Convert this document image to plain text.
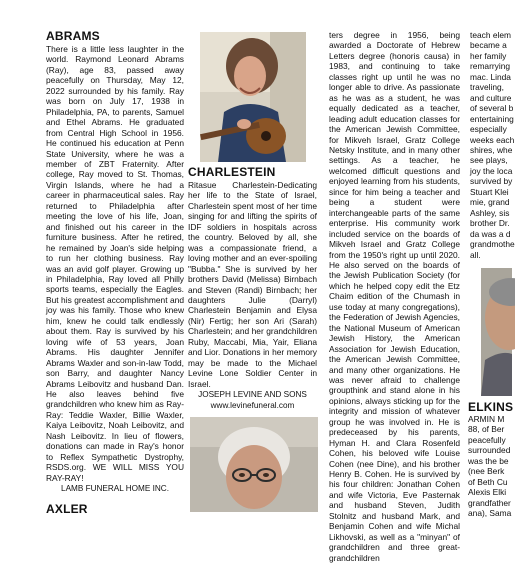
ABRAMS

There is a little less laughter in the world. Raymond Leonard Abrams (Ray), age 83, passed away peacefully on Thursday, May 12, 2022 surrounded by his family. Ray was born on July 17, 1938 in Philadelphia, PA, to parents, Samuel and Ethel Abrams. He graduated from Central High School in 1956. He continued his education at Penn State University, where he was a member of ZBT Fraternity. After college, Ray moved to St. Thomas, Virgin Islands, where he had a career in pharmaceutical sales. Ray returned to Philadelphia after meeting the love of his life, Joan, and finished out his career in the furniture business. After he retired, he remained by Joan's side helping to run her clothing business. Ray was an avid golf player. Growing up in Philadelphia, Ray loved all Philly sports teams, especially the Eagles. But his greatest accomplishment and joy was his family. Those who knew him, knew he could talk endlessly about them. Ray is survived by his loving wife of 53 years, Joan Abrams. His daughter Jennifer Abrams Waxler and son-in-law Todd, son Barry, and daughter Nancy Abrams Leibovitz and husband Dan. He also leaves behind five grandchildren who knew him as Ray-Ray: Teddie Waxler, Billie Waxler, Kaiya Leibovitz, Noah Leibovitz, and Nash Leibovitz. In lieu of flowers, donations can made in Ray's honor to Reflex Sympathetic Dystrophy, RSDS.org. WE WILL MISS YOU RAY-RAY!

LAMB FUNERAL HOME INC.
AXLER
CHARLESTEIN

Ritasue Charlestein-Dedicating her life to the State of Israel, Charlestein spent most of her time singing for and lifting the spirits of IDF soldiers in hospitals across the country. Beloved by all, she was a compassionate friend, a loving mother and an ever-spoiling "Bubba." She is survived by her brothers David (Melissa) Birnbach and Steven (Randi) Birnbach; her daughters Julie (Darryl) Charlestein Benjamin and Elysa (Nir) Fertig; her son Ari (Sarah) Charlestein; and her grandchildren Ruby, Maccabi, Mia, Yair, Eliana and Lior. Donations in her memory may be made to the Michael Levine Lone Soldier Center in Israel.

JOSEPH LEVINE AND SONS
www.levinefuneral.com

ters degree in 1956, being awarded a Doctorate of Hebrew Letters degree (honoris causa) in 1983, and continuing to take classes right up until he was no longer able to drive. As passionate as he was as a student, he was equally dedicated as a teacher, leading adult education classes for the American Jewish Committee, for Mikveh Israel, Gratz College Netsky Institute, and in many other settings. As a teacher, he welcomed difficult questions and enjoyed learning from his students, since for him being a teacher and being a student were interchangeable parts of the same enterprise. His community work included service on the boards of Mikveh Israel and Gratz College from the 1950's right up until 2020. He also served on the boards of the Jewish Publication Society (for which he helped copy edit the Etz Chaim edition of the Chumash in use today at many congregations), the Federation of Jewish Agencies, the National Museum of American Jewish History, the American Association for Jewish Education, the American Jewish Committee, and many other organizations. He was never afraid to challenge groupthink and stand alone in his opinions, always sticking up for the integrity and mission of whatever group he was involved in. He is predeceased by his parents, Hyman H. and Clara Rosenfeld Cohen, his beloved wife Louise Cohen (nee Dine), and his brother Henry B. Cohen. He is survived by his four children: Jonathan Cohen and wife Victoria, Eve Pasternak and husband Steven, Judith Stolnitz and husband Mark, and Benjamin Cohen and wife Michal Likhovski, as well as a "minyan" of grandchildren and three great-grandchildren

teach elem
became a
her family
remarrying
mac. Linda
traveling,
and culture
of several b
entertaining
especially
weeks each
shires, whe
see plays,
joy the loca
survived by
Stuart Klei
mie, grand
Ashley, sis
brother Dr.
da was a d
grandmothe
all.
ELKINS
ARMIN M
88, of Ber
peacefully
surrounded
was the be
(nee Berk
of Beth Cu
Alexis Elki
grandfather
ana), Sama
